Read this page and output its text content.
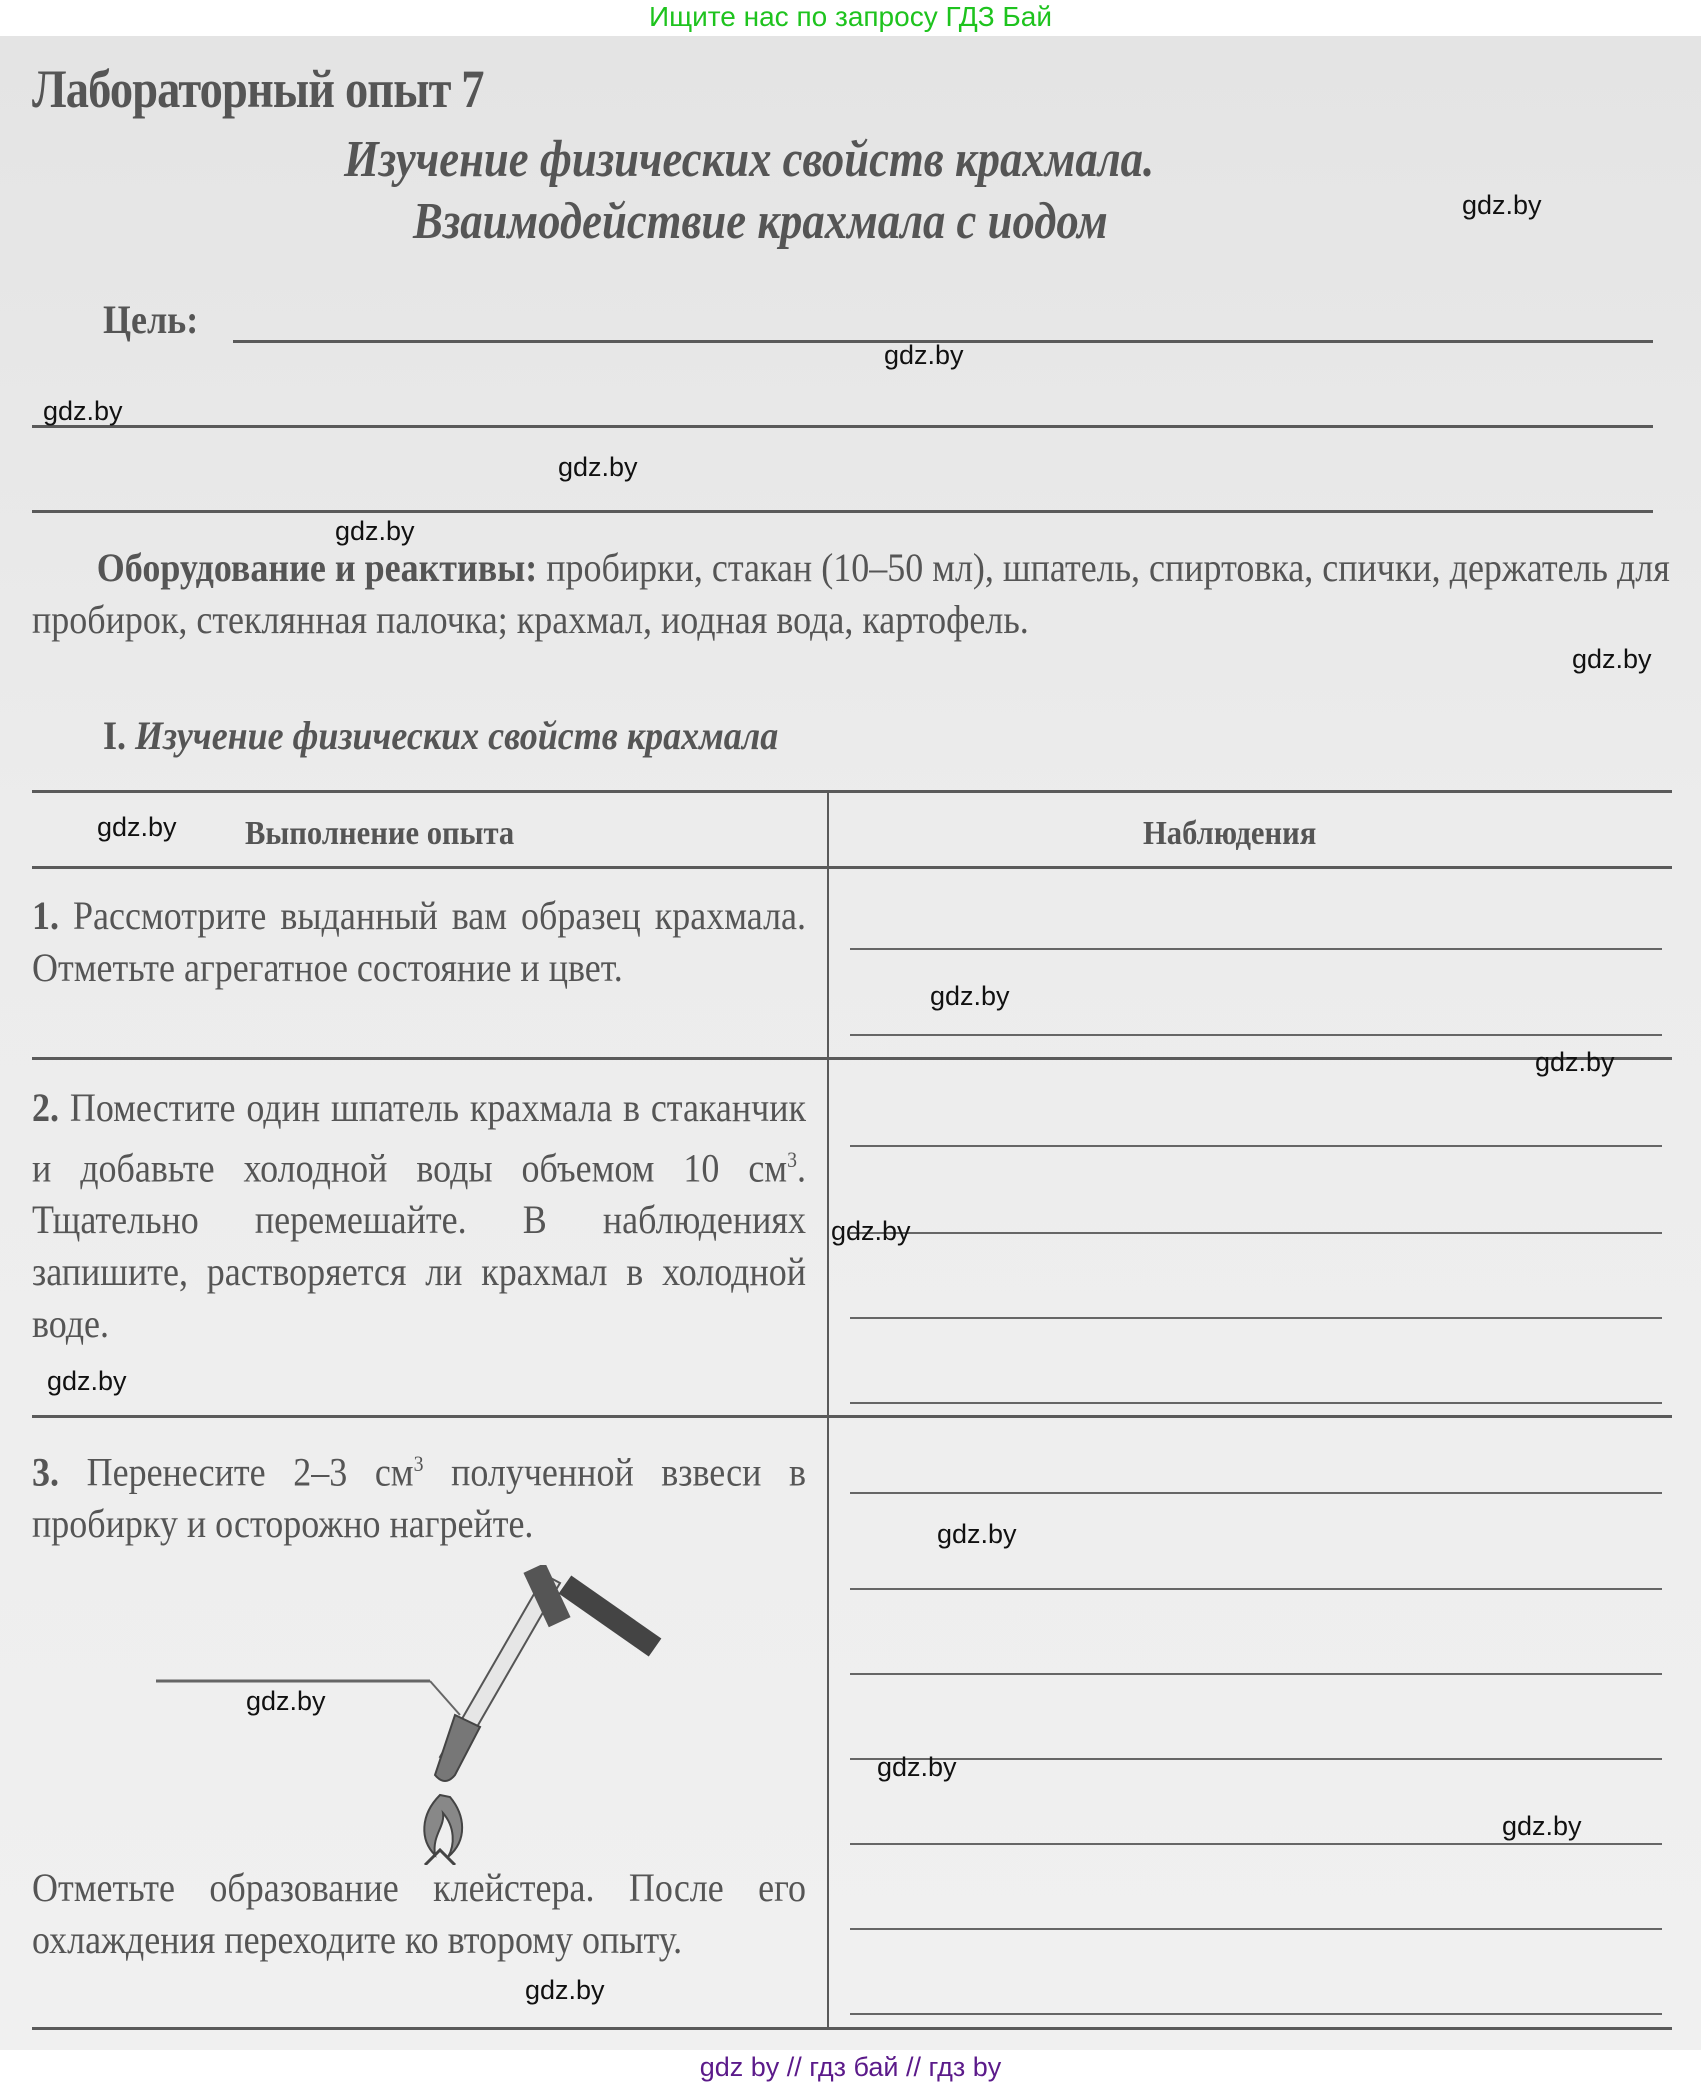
Ищите нас по запросу ГДЗ Бай
Лабораторный опыт 7
Изучение физических свойств крахмала.
Взаимодействие крахмала с иодом
Цель:
Оборудование и реактивы: пробирки, стакан (10–50 мл), шпатель, спиртовка, спички, держатель для пробирок, стеклянная палочка; крахмал, иодная вода, картофель.
I. Изучение физических свойств крахмала
Выполнение опыта	Наблюдения
1. Рассмотрите выданный вам образец крахмала. Отметьте агрегатное состояние и цвет.
2. Поместите один шпатель крахмала в стаканчик и добавьте холодной воды объемом 10 $см^3$. Тщательно перемешайте. В наблюдениях запишите, растворяется ли крахмал в холодной воде.
3. Перенесите 2–3 $см^3$ полученной взвеси в пробирку и осторожно нагрейте.
Отметьте образование клейстера. После его охлаждения переходите ко второму опыту.
gdz.by
gdz.by
gdz.by
gdz.by
gdz.by
gdz.by
gdz.by
gdz.by
gdz.by
gdz.by
gdz.by
gdz.by
gdz.by
gdz.by
gdz.by
gdz.by
gdz by // гдз бай // гдз by
